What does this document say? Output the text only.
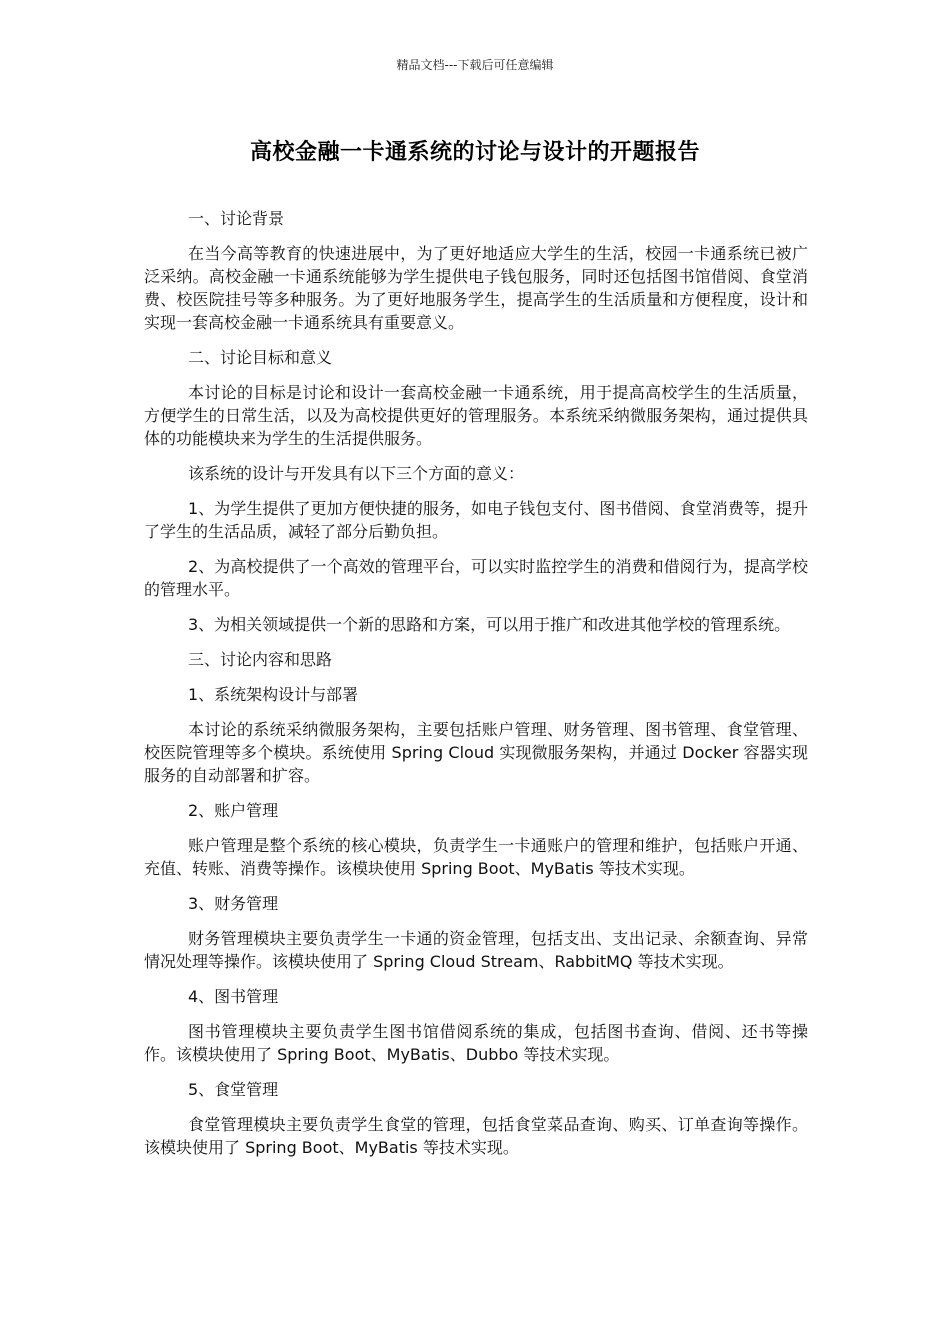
精品文档---下载后可任意编辑
高校金融一卡通系统的讨论与设计的开题报告

一、讨论背景

在当今高等教育的快速进展中，为了更好地适应大学生的生活，校园一卡通系统已被广泛采纳。高校金融一卡通系统能够为学生提供电子钱包服务，同时还包括图书馆借阅、食堂消费、校医院挂号等多种服务。为了更好地服务学生，提高学生的生活质量和方便程度，设计和实现一套高校金融一卡通系统具有重要意义。

二、讨论目标和意义

本讨论的目标是讨论和设计一套高校金融一卡通系统，用于提高高校学生的生活质量，方便学生的日常生活，以及为高校提供更好的管理服务。本系统采纳微服务架构，通过提供具体的功能模块来为学生的生活提供服务。

该系统的设计与开发具有以下三个方面的意义：

1、为学生提供了更加方便快捷的服务，如电子钱包支付、图书借阅、食堂消费等，提升了学生的生活品质，减轻了部分后勤负担。

2、为高校提供了一个高效的管理平台，可以实时监控学生的消费和借阅行为，提高学校的管理水平。

3、为相关领域提供一个新的思路和方案，可以用于推广和改进其他学校的管理系统。

三、讨论内容和思路

1、系统架构设计与部署

本讨论的系统采纳微服务架构，主要包括账户管理、财务管理、图书管理、食堂管理、校医院管理等多个模块。系统使用 Spring Cloud 实现微服务架构，并通过 Docker 容器实现服务的自动部署和扩容。

2、账户管理

账户管理是整个系统的核心模块，负责学生一卡通账户的管理和维护，包括账户开通、充值、转账、消费等操作。该模块使用 Spring Boot、MyBatis 等技术实现。

3、财务管理

财务管理模块主要负责学生一卡通的资金管理，包括支出、支出记录、余额查询、异常情况处理等操作。该模块使用了 Spring Cloud Stream、RabbitMQ 等技术实现。

4、图书管理

图书管理模块主要负责学生图书馆借阅系统的集成，包括图书查询、借阅、还书等操作。该模块使用了 Spring Boot、MyBatis、Dubbo 等技术实现。

5、食堂管理

食堂管理模块主要负责学生食堂的管理，包括食堂菜品查询、购买、订单查询等操作。该模块使用了 Spring Boot、MyBatis 等技术实现。
